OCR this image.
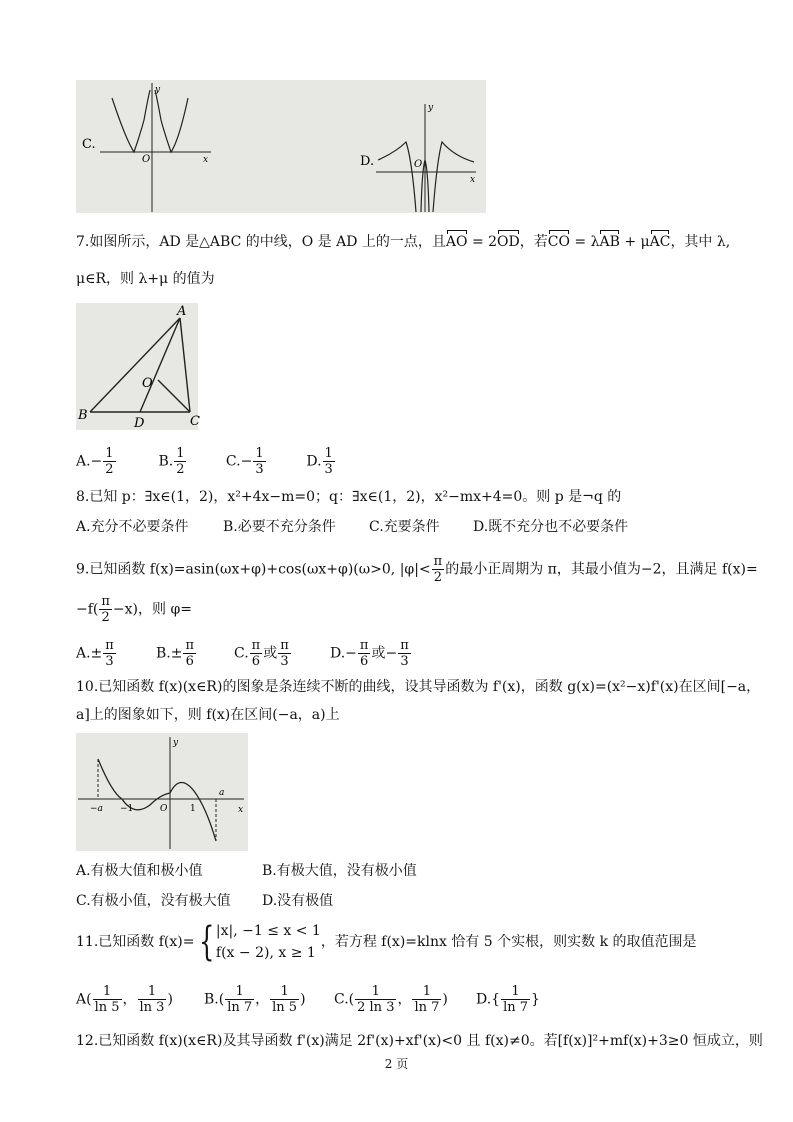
C.
y
x
O	D.
y
x
O
7.如图所示，AD 是△ABC 的中线，O 是 AD 上的一点，且AO = 2OD，若CO = λAB + μAC，其中 λ,
μ∈R，则 λ+μ 的值为
A
B	C
D
O
$A.- \frac{1}{2}$	B. $\frac{1}{2}$	$C.- \frac{1}{3}$	D. $\frac{1}{3}$
8.已知 p：∃x∈(1，2)，x²+4x−m=0；q：∃x∈(1，2)，x²−mx+4=0。则 p 是¬q 的
A.充分不必要条件 B.必要不充分条件 C.充要条件 D.既不充分也不必要条件
9.已知函数 f(x)=asin(ωx+φ)+cos(ωx+φ)(ω>0, $|\varphi|< \frac{\pi}{2}$ 的最小正周期为 π，其最小值为−2，且满足 f(x)=
$-f( \frac{\pi}{2} -x)$，则 φ=
$A.\pm \frac{\pi}{3}$	$B.\pm \frac{\pi}{6}$	C. $\frac{\pi}{6}$ 或 $\frac{\pi}{3}$	$D.- \frac{\pi}{6}$ 或− $\frac{\pi}{3}$
10.已知函数 f(x)(x∈R)的图象是条连续不断的曲线，设其导函数为 f'(x)，函数 g(x)=(x²−x)f'(x)在区间[−a，
a]上的图象如下，则 f(x)在区间(−a，a)上
y
x
−a −1	O	1
a
A.有极大值和极小值	B.有极大值，没有极小值
C.有极小值，没有极大值 D.没有极值
11.已知函数 f(x)= { |x|, −1 ≤ x < 1
f(x − 2), x ≥ 1
，若方程 f(x)=klnx 恰有 5 个实根，则实数 k 的取值范围是
$A( \frac{1}{\ln 5}$ ， $\frac{1}{\ln 3}$ ) $B.( \frac{1}{\ln 7}$ ， $\frac{1}{\ln 5}$ ) $C.( \frac{1}{2 \ln 3}$ ， $\frac{1}{\ln 7}$ ) $D.\{ \frac{1}{\ln 7}$ }
12.已知函数 f(x)(x∈R)及其导函数 f'(x)满足 2f'(x)+xf'(x)<0 且 f(x)≠0。若[f(x)]²+mf(x)+3≥0 恒成立，则
2 页
